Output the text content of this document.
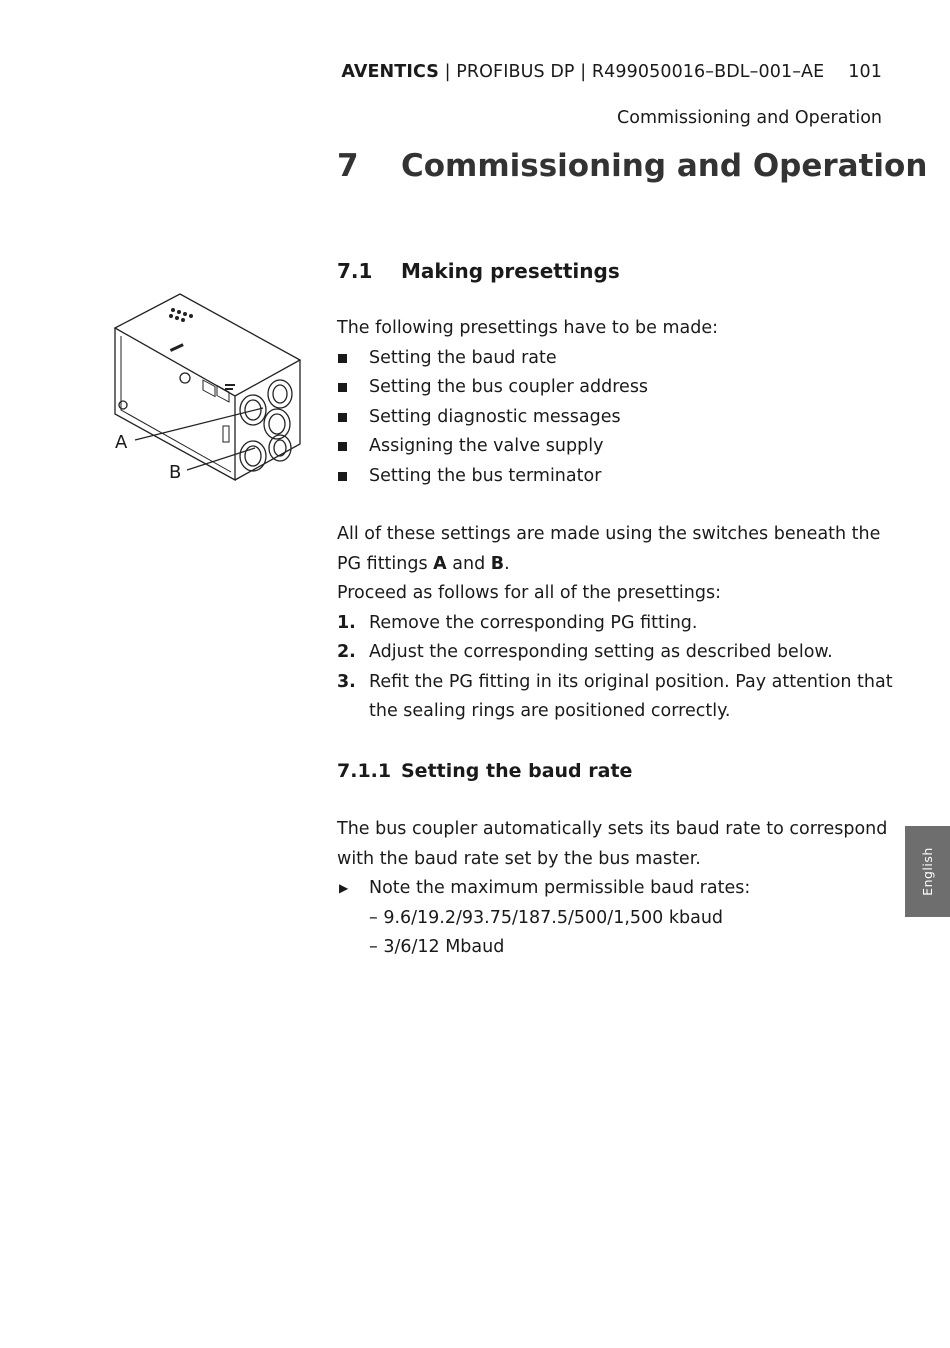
AVENTICS | PROFIBUS DP | R499050016–BDL–001–AE 101
Commissioning and Operation
7 Commissioning and Operation
7.1 Making presettings
A
B

The following presettings have to be made:

Setting the baud rate
Setting the bus coupler address
Setting diagnostic messages
Assigning the valve supply
Setting the bus terminator

All of these settings are made using the switches beneath the PG fittings A and B.

Proceed as follows for all of the presettings:

1. Remove the corresponding PG fitting.
2. Adjust the corresponding setting as described below.
3. Refit the PG fitting in its original position. Pay attention that the sealing rings are positioned correctly.
7.1.1 Setting the baud rate

The bus coupler automatically sets its baud rate to correspond with the baud rate set by the bus master.

▶ Note the maximum permissible baud rates:
– 9.6/19.2/93.75/187.5/500/1,500 kbaud
– 3/6/12 Mbaud
English
